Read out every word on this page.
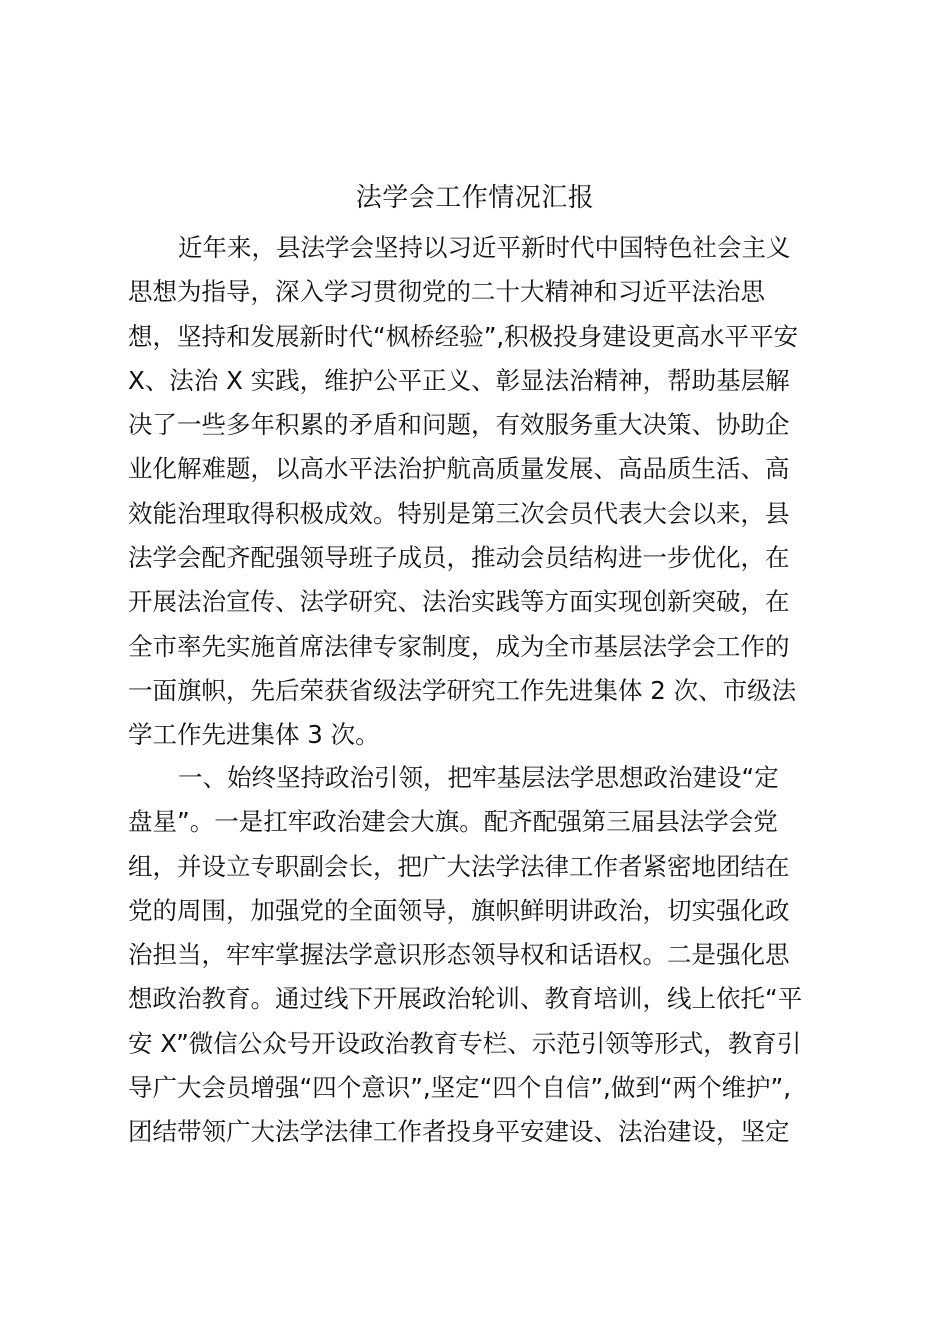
法学会工作情况汇报
近年来，县法学会坚持以习近平新时代中国特色社会主义
思想为指导，深入学习贯彻党的二十大精神和习近平法治思
想，坚持和发展新时代“枫桥经验”,积极投身建设更高水平平安
X、法治 X 实践，维护公平正义、彰显法治精神，帮助基层解
决了一些多年积累的矛盾和问题，有效服务重大决策、协助企
业化解难题，以高水平法治护航高质量发展、高品质生活、高
效能治理取得积极成效。特别是第三次会员代表大会以来，县
法学会配齐配强领导班子成员，推动会员结构进一步优化，在
开展法治宣传、法学研究、法治实践等方面实现创新突破，在
全市率先实施首席法律专家制度，成为全市基层法学会工作的
一面旗帜，先后荣获省级法学研究工作先进集体 2 次、市级法
学工作先进集体 3 次。
一、始终坚持政治引领，把牢基层法学思想政治建设“定
盘星”。一是扛牢政治建会大旗。配齐配强第三届县法学会党
组，并设立专职副会长，把广大法学法律工作者紧密地团结在
党的周围，加强党的全面领导，旗帜鲜明讲政治，切实强化政
治担当，牢牢掌握法学意识形态领导权和话语权。二是强化思
想政治教育。通过线下开展政治轮训、教育培训，线上依托“平
安 X”微信公众号开设政治教育专栏、示范引领等形式，教育引
导广大会员增强“四个意识”,坚定“四个自信”,做到“两个维护”,
团结带领广大法学法律工作者投身平安建设、法治建设，坚定
